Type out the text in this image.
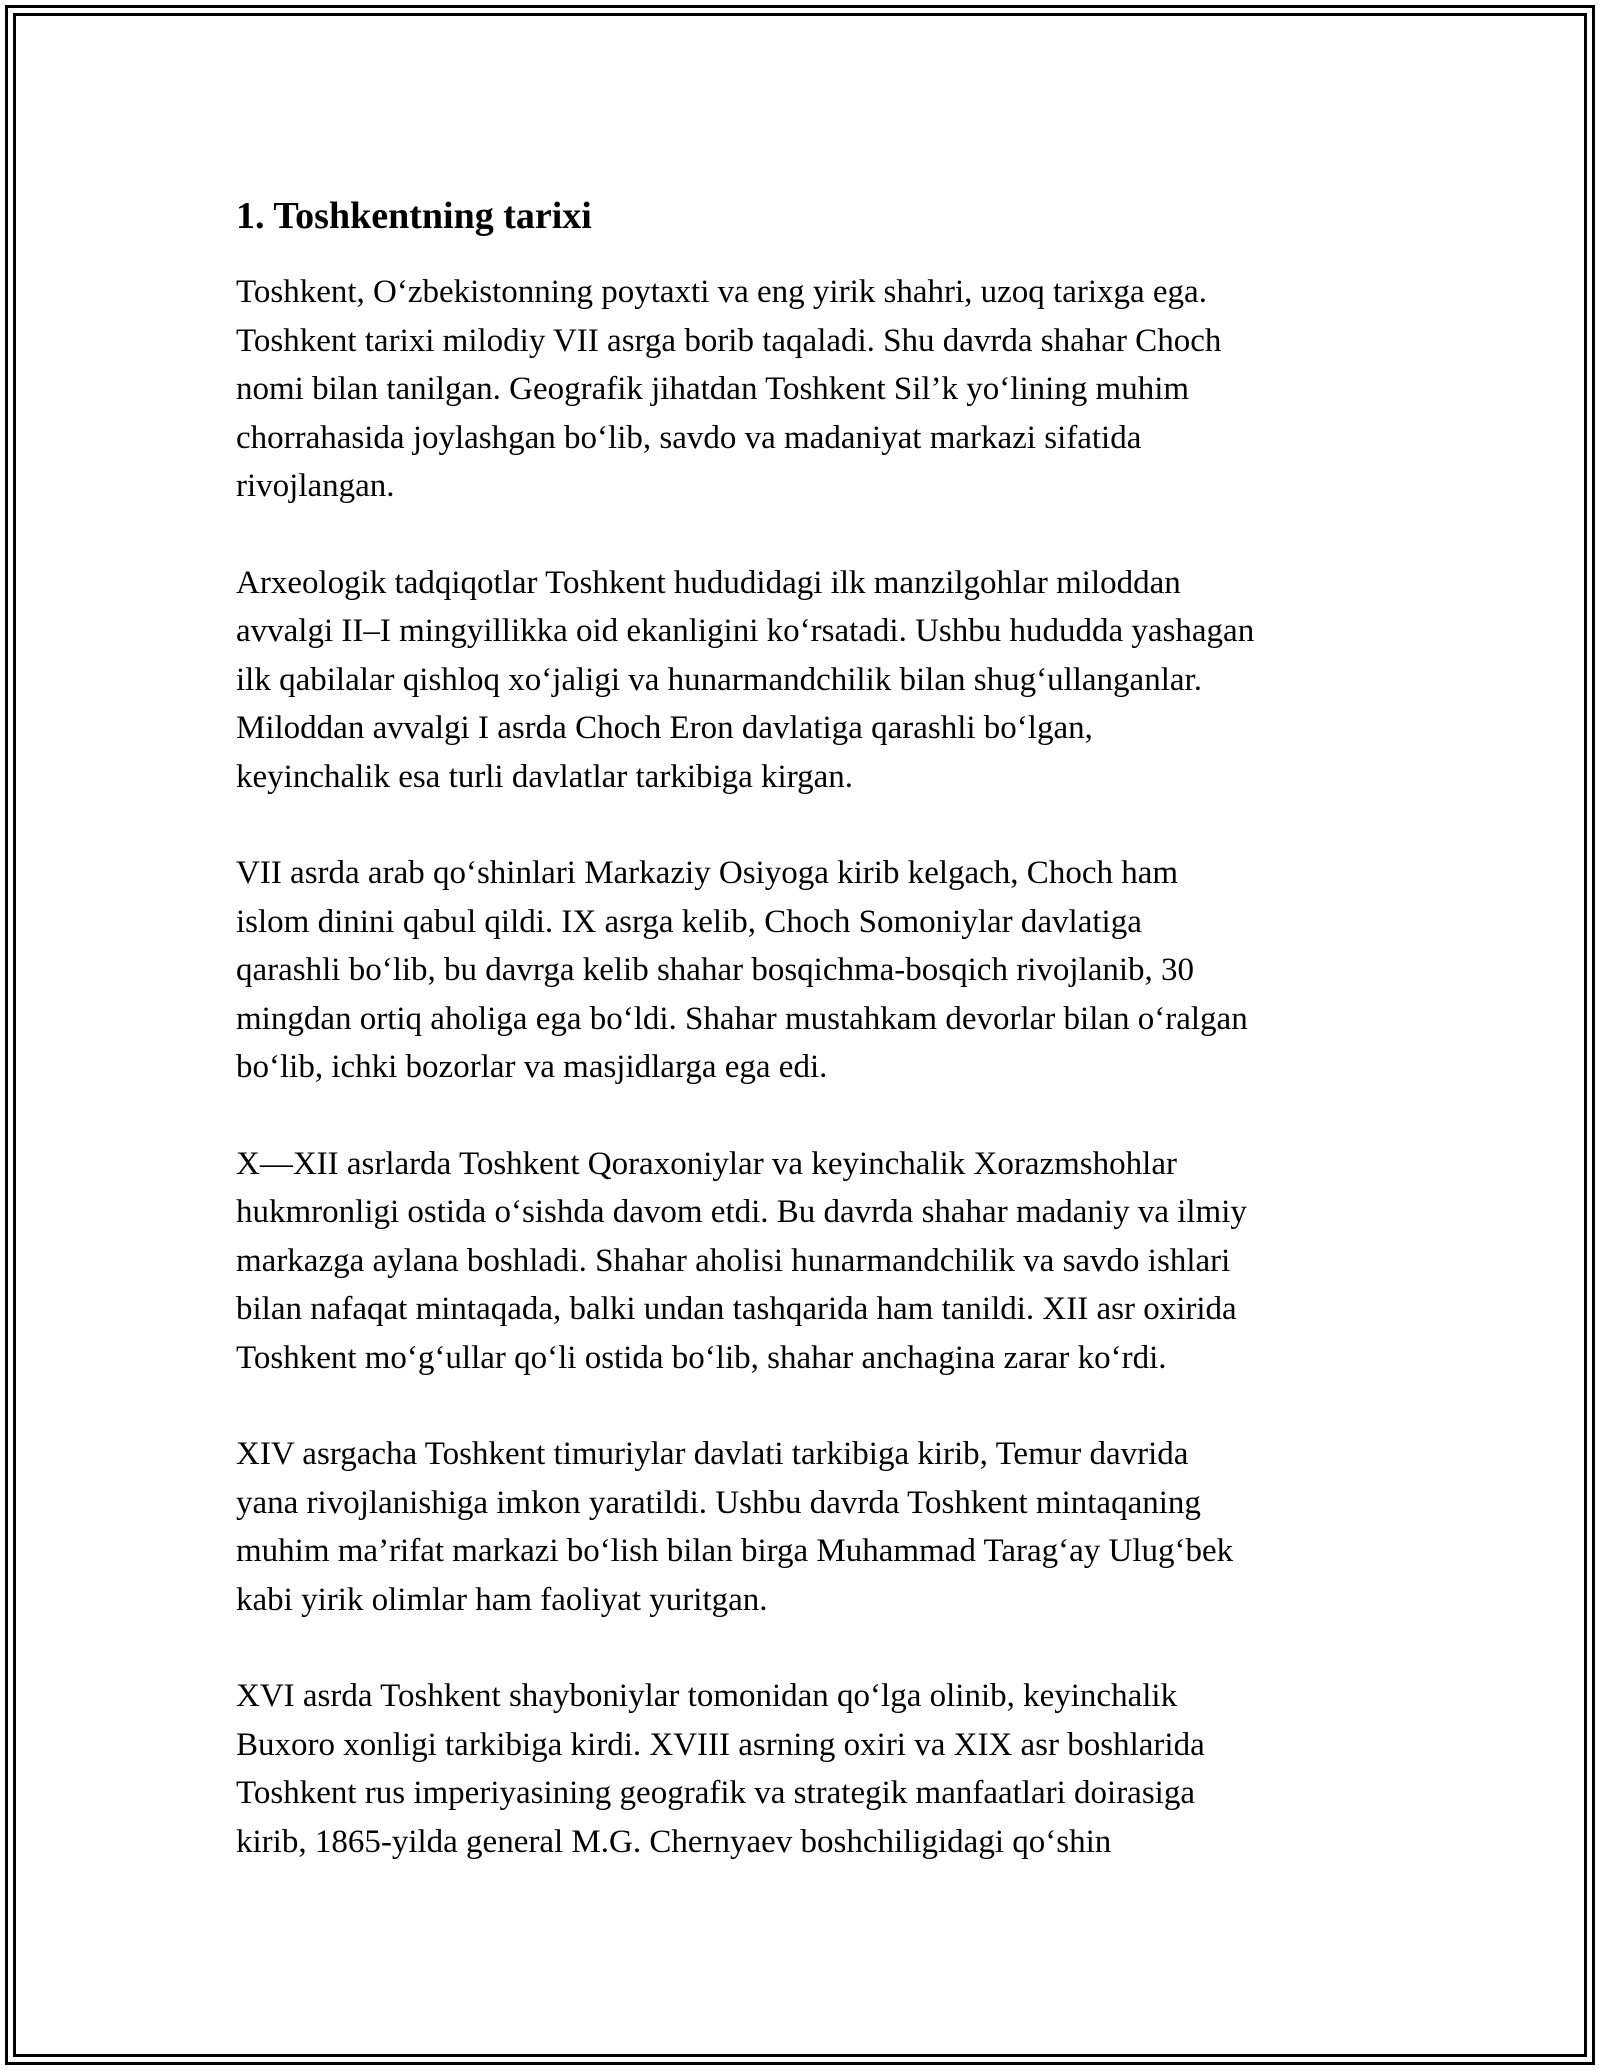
1. Toshkentning tarixi

Toshkent, O‘zbekistonning poytaxti va eng yirik shahri, uzoq tarixga ega.
Toshkent tarixi milodiy VII asrga borib taqaladi. Shu davrda shahar Choch
nomi bilan tanilgan. Geografik jihatdan Toshkent Sil’k yo‘lining muhim
chorrahasida joylashgan bo‘lib, savdo va madaniyat markazi sifatida
rivojlangan.

Arxeologik tadqiqotlar Toshkent hududidagi ilk manzilgohlar miloddan
avvalgi II–I mingyillikka oid ekanligini ko‘rsatadi. Ushbu hududda yashagan
ilk qabilalar qishloq xo‘jaligi va hunarmandchilik bilan shug‘ullanganlar.
Miloddan avvalgi I asrda Choch Eron davlatiga qarashli bo‘lgan,
keyinchalik esa turli davlatlar tarkibiga kirgan.

VII asrda arab qo‘shinlari Markaziy Osiyoga kirib kelgach, Choch ham
islom dinini qabul qildi. IX asrga kelib, Choch Somoniylar davlatiga
qarashli bo‘lib, bu davrga kelib shahar bosqichma-bosqich rivojlanib, 30
mingdan ortiq aholiga ega bo‘ldi. Shahar mustahkam devorlar bilan o‘ralgan
bo‘lib, ichki bozorlar va masjidlarga ega edi.

X—XII asrlarda Toshkent Qoraxoniylar va keyinchalik Xorazmshohlar
hukmronligi ostida o‘sishda davom etdi. Bu davrda shahar madaniy va ilmiy
markazga aylana boshladi. Shahar aholisi hunarmandchilik va savdo ishlari
bilan nafaqat mintaqada, balki undan tashqarida ham tanildi. XII asr oxirida
Toshkent mo‘g‘ullar qo‘li ostida bo‘lib, shahar anchagina zarar ko‘rdi.

XIV asrgacha Toshkent timuriylar davlati tarkibiga kirib, Temur davrida
yana rivojlanishiga imkon yaratildi. Ushbu davrda Toshkent mintaqaning
muhim ma’rifat markazi bo‘lish bilan birga Muhammad Tarag‘ay Ulug‘bek
kabi yirik olimlar ham faoliyat yuritgan.

XVI asrda Toshkent shayboniylar tomonidan qo‘lga olinib, keyinchalik
Buxoro xonligi tarkibiga kirdi. XVIII asrning oxiri va XIX asr boshlarida
Toshkent rus imperiyasining geografik va strategik manfaatlari doirasiga
kirib, 1865-yilda general M.G. Chernyaev boshchiligidagi qo‘shin
